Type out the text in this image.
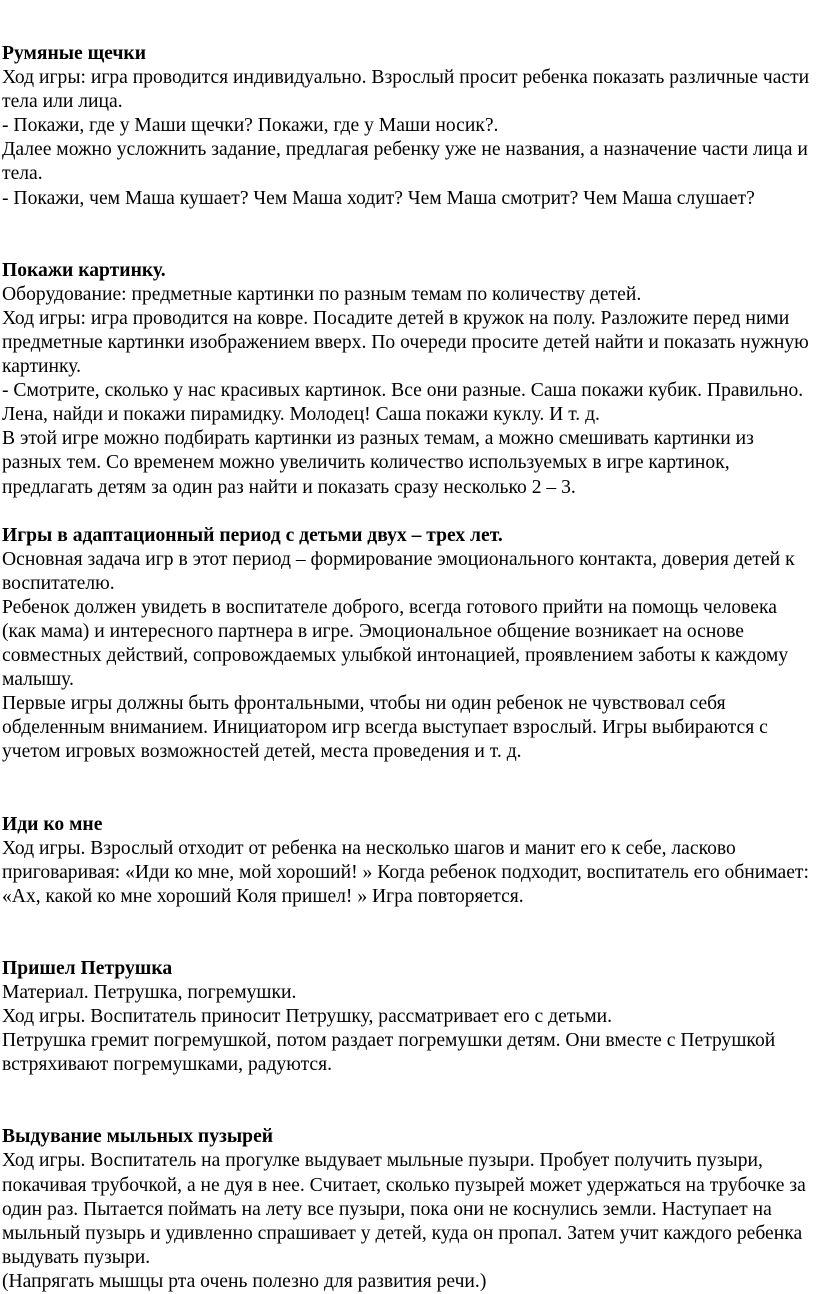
Румяные щечки

Ход игры: игра проводится индивидуально. Взрослый просит ребенка показать различные части тела или лица.

- Покажи, где у Маши щечки? Покажи, где у Маши носик?.

Далее можно усложнить задание, предлагая ребенку уже не названия, а назначение части лица и тела.

- Покажи, чем Маша кушает? Чем Маша ходит? Чем Маша смотрит? Чем Маша слушает?

Покажи картинку.

Оборудование: предметные картинки по разным темам по количеству детей.

Ход игры: игра проводится на ковре. Посадите детей в кружок на полу. Разложите перед ними предметные картинки изображением вверх. По очереди просите детей найти и показать нужную картинку.

- Смотрите, сколько у нас красивых картинок. Все они разные. Саша покажи кубик. Правильно. Лена, найди и покажи пирамидку. Молодец! Саша покажи куклу. И т. д.

В этой игре можно подбирать картинки из разных темам, а можно смешивать картинки из разных тем. Со временем можно увеличить количество используемых в игре картинок, предлагать детям за один раз найти и показать сразу несколько 2 – 3.

Игры в адаптационный период с детьми двух – трех лет.

Основная задача игр в этот период – формирование эмоционального контакта, доверия детей к воспитателю.

Ребенок должен увидеть в воспитателе доброго, всегда готового прийти на помощь человека (как мама) и интересного партнера в игре. Эмоциональное общение возникает на основе совместных действий, сопровождаемых улыбкой интонацией, проявлением заботы к каждому малышу.

Первые игры должны быть фронтальными, чтобы ни один ребенок не чувствовал себя обделенным вниманием. Инициатором игр всегда выступает взрослый. Игры выбираются с учетом игровых возможностей детей, места проведения и т. д.

Иди ко мне

Ход игры. Взрослый отходит от ребенка на несколько шагов и манит его к себе, ласково приговаривая: «Иди ко мне, мой хороший! » Когда ребенок подходит, воспитатель его обнимает: «Ах, какой ко мне хороший Коля пришел! » Игра повторяется.

Пришел Петрушка

Материал. Петрушка, погремушки.

Ход игры. Воспитатель приносит Петрушку, рассматривает его с детьми.

Петрушка гремит погремушкой, потом раздает погремушки детям. Они вместе с Петрушкой встряхивают погремушками, радуются.

Выдувание мыльных пузырей

Ход игры. Воспитатель на прогулке выдувает мыльные пузыри. Пробует получить пузыри, покачивая трубочкой, а не дуя в нее. Считает, сколько пузырей может удержаться на трубочке за один раз. Пытается поймать на лету все пузыри, пока они не коснулись земли. Наступает на мыльный пузырь и удивленно спрашивает у детей, куда он пропал. Затем учит каждого ребенка выдувать пузыри.

(Напрягать мышцы рта очень полезно для развития речи.)
